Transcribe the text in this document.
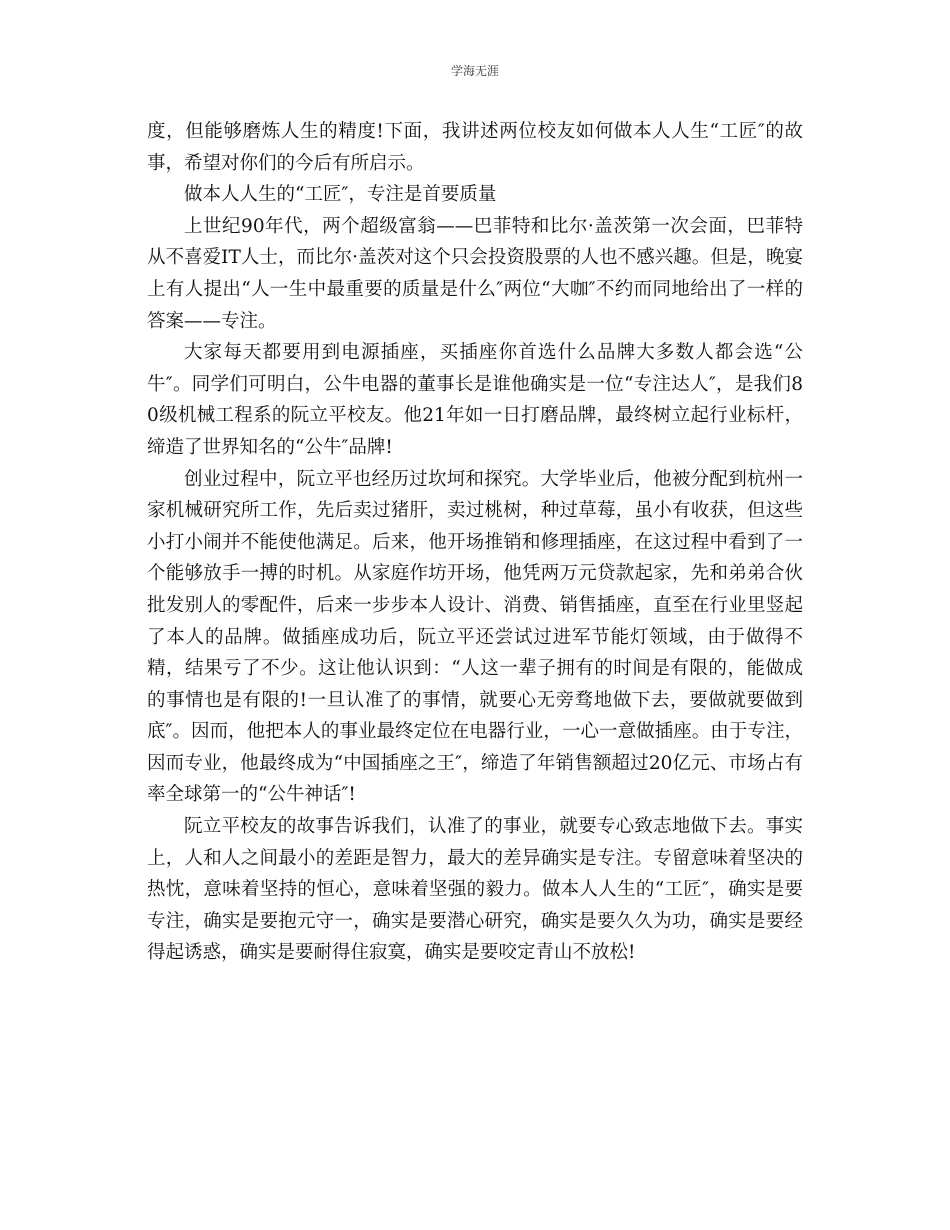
学海无涯

度，但能够磨炼人生的精度!下面，我讲述两位校友如何做本人人生“工匠″的故事，希望对你们的今后有所启示。

做本人人生的“工匠″，专注是首要质量

上世纪90年代，两个超级富翁——巴菲特和比尔·盖茨第一次会面，巴菲特从不喜爱IT人士，而比尔·盖茨对这个只会投资股票的人也不感兴趣。但是，晚宴上有人提出“人一生中最重要的质量是什么″两位“大咖″不约而同地给出了一样的答案——专注。

大家每天都要用到电源插座，买插座你首选什么品牌大多数人都会选“公牛″。同学们可明白，公牛电器的董事长是谁他确实是一位“专注达人″，是我们80级机械工程系的阮立平校友。他21年如一日打磨品牌，最终树立起行业标杆，缔造了世界知名的“公牛″品牌!

创业过程中，阮立平也经历过坎坷和探究。大学毕业后，他被分配到杭州一家机械研究所工作，先后卖过猪肝，卖过桃树，种过草莓，虽小有收获，但这些小打小闹并不能使他满足。后来，他开场推销和修理插座，在这过程中看到了一个能够放手一搏的时机。从家庭作坊开场，他凭两万元贷款起家，先和弟弟合伙批发别人的零配件，后来一步步本人设计、消费、销售插座，直至在行业里竖起了本人的品牌。做插座成功后，阮立平还尝试过进军节能灯领域，由于做得不精，结果亏了不少。这让他认识到：“人这一辈子拥有的时间是有限的，能做成的事情也是有限的!一旦认准了的事情，就要心无旁骛地做下去，要做就要做到底″。因而，他把本人的事业最终定位在电器行业，一心一意做插座。由于专注，因而专业，他最终成为“中国插座之王″，缔造了年销售额超过20亿元、市场占有率全球第一的“公牛神话″!

阮立平校友的故事告诉我们，认准了的事业，就要专心致志地做下去。事实上，人和人之间最小的差距是智力，最大的差异确实是专注。专留意味着坚决的热忱，意味着坚持的恒心，意味着坚强的毅力。做本人人生的“工匠″，确实是要专注，确实是要抱元守一，确实是要潜心研究，确实是要久久为功，确实是要经得起诱惑，确实是要耐得住寂寞，确实是要咬定青山不放松!
